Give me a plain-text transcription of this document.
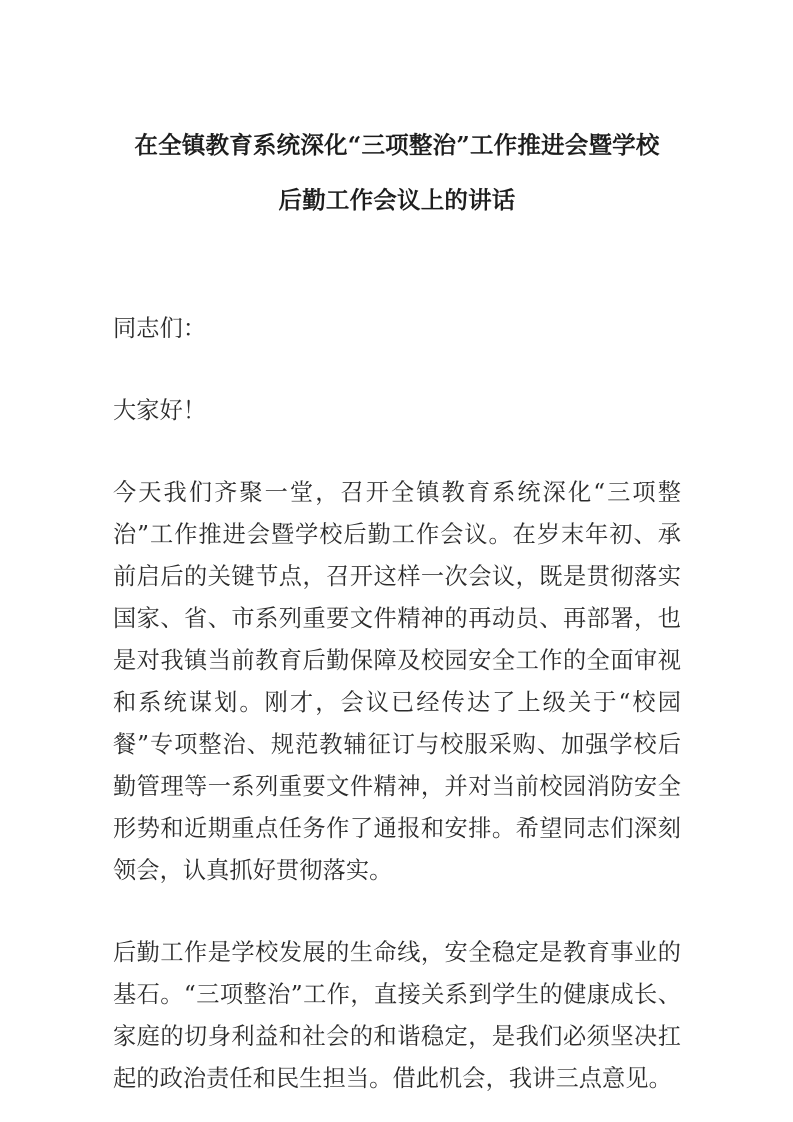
在全镇教育系统深化“三项整治”工作推进会暨学校
后勤工作会议上的讲话

同志们：

大家好！

今天我们齐聚一堂，召开全镇教育系统深化“三项整治”工作推进会暨学校后勤工作会议。在岁末年初、承前启后的关键节点，召开这样一次会议，既是贯彻落实国家、省、市系列重要文件精神的再动员、再部署，也是对我镇当前教育后勤保障及校园安全工作的全面审视和系统谋划。刚才，会议已经传达了上级关于“校园餐”专项整治、规范教辅征订与校服采购、加强学校后勤管理等一系列重要文件精神，并对当前校园消防安全形势和近期重点任务作了通报和安排。希望同志们深刻领会，认真抓好贯彻落实。

后勤工作是学校发展的生命线，安全稳定是教育事业的基石。“三项整治”工作，直接关系到学生的健康成长、家庭的切身利益和社会的和谐稳定，是我们必须坚决扛起的政治责任和民生担当。借此机会，我讲三点意见。
